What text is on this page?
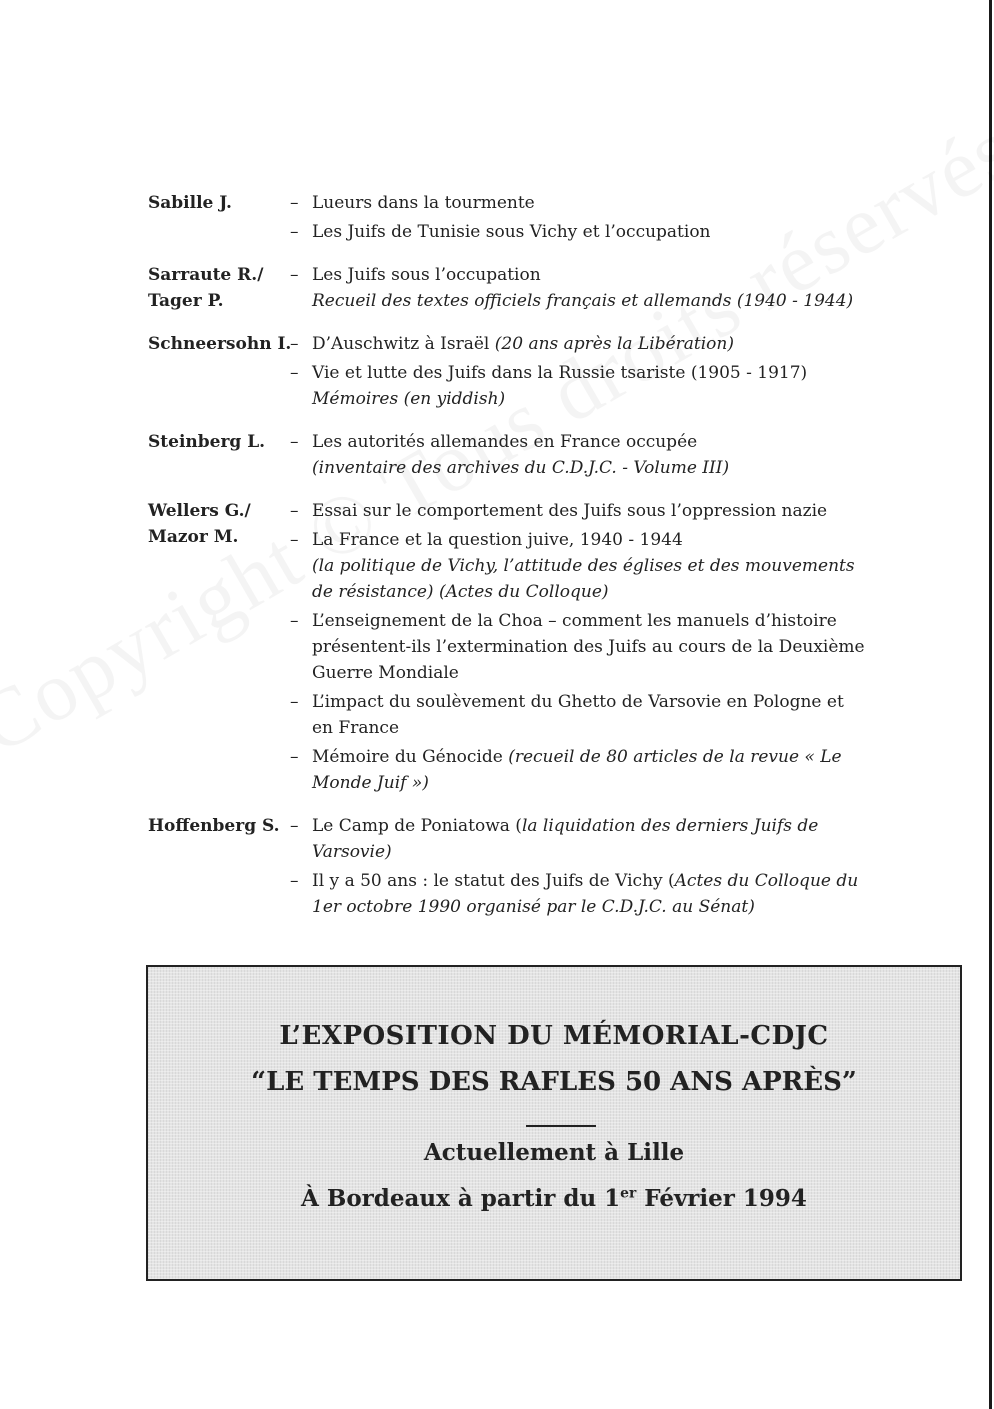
Sabille J.	– Lueurs dans la tourmente
– Les Juifs de Tunisie sous Vichy et l’occupation
Sarraute R./
Tager P.
– Les Juifs sous l’occupation
Recueil des textes officiels français et allemands (1940 - 1944)
Schneersohn I.
– D’Auschwitz à Israël (20 ans après la Libération)
– Vie et lutte des Juifs dans la Russie tsariste (1905 - 1917)
Mémoires (en yiddish)
Steinberg L.	– Les autorités allemandes en France occupée
(inventaire des archives du C.D.J.C. - Volume III)
Wellers G./
Mazor M.
– Essai sur le comportement des Juifs sous l’oppression nazie
– La France et la question juive, 1940 - 1944
(la politique de Vichy, l’attitude des églises et des mouvements de résistance) (Actes du Colloque)
– L’enseignement de la Choa – comment les manuels d’histoire présentent-ils l’extermination des Juifs au cours de la Deuxième Guerre Mondiale
– L’impact du soulèvement du Ghetto de Varsovie en Pologne et en France
– Mémoire du Génocide (recueil de 80 articles de la revue « Le Monde Juif »)
Hoffenberg S. – Le Camp de Poniatowa (la liquidation des derniers Juifs de Varsovie)
– Il y a 50 ans : le statut des Juifs de Vichy (Actes du Colloque du 1er octobre 1990 organisé par le C.D.J.C. au Sénat)
L’EXPOSITION DU MÉMORIAL-CDJC
“LE TEMPS DES RAFLES 50 ANS APRÈS”
Actuellement à Lille
À Bordeaux à partir du 1er Février 1994
